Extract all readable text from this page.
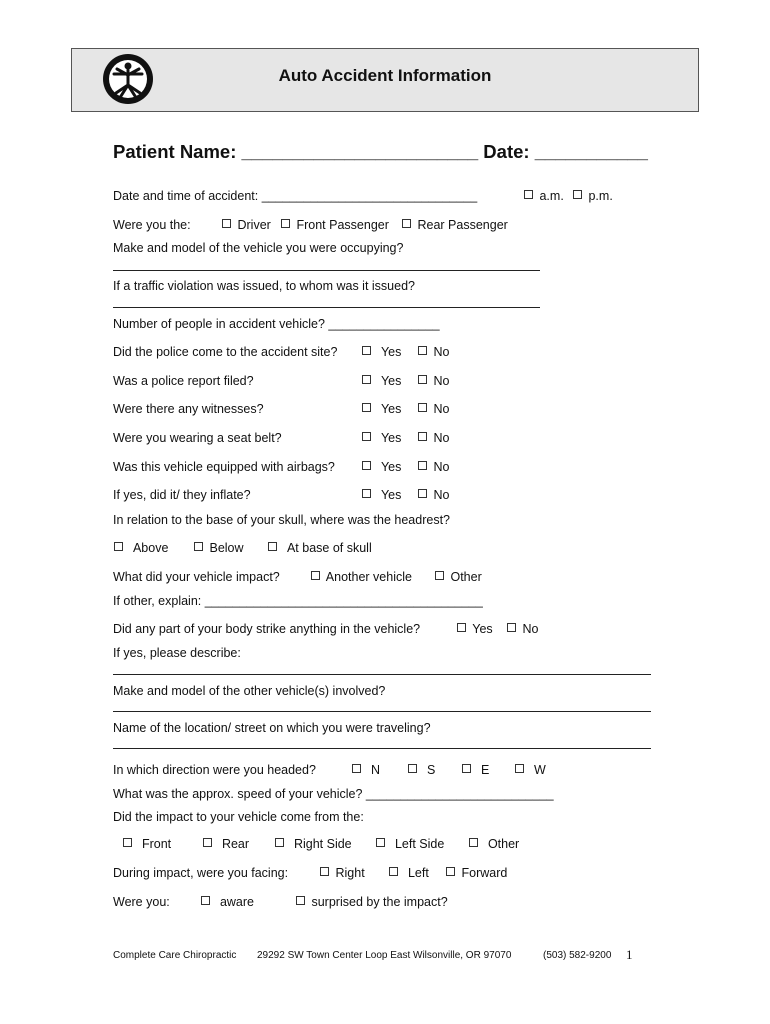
Auto Accident Information
Patient Name: _______________________ Date: ___________
Date and time of accident: _______________________________	a.m.	p.m.
Were you the:	Driver	Front Passenger	Rear Passenger
Make and model of the vehicle you were occupying?
If a traffic violation was issued, to whom was it issued?
Number of people in accident vehicle? ________________
Did the police come to the accident site?	Yes	No
Was a police report filed?	Yes	No
Were there any witnesses?	Yes	No
Were you wearing a seat belt?	Yes	No
Was this vehicle equipped with airbags?	Yes	No
If yes, did it/ they inflate?	Yes	No
In relation to the base of your skull, where was the headrest?
Above	Below	At base of skull
What did your vehicle impact?	Another vehicle	Other
If other, explain: ________________________________________
Did any part of your body strike anything in the vehicle?	Yes	No
If yes, please describe:
Make and model of the other vehicle(s) involved?
Name of the location/ street on which you were traveling?
In which direction were you headed?	N	S	E	W
What was the approx. speed of your vehicle? ___________________________
Did the impact to your vehicle come from the:
Front	Rear	Right Side	Left Side	Other
During impact, were you facing:	Right	Left	Forward
Were you:	aware	surprised by the impact?
Complete Care Chiropractic 29292 SW Town Center Loop East Wilsonville, OR 97070	(503) 582-9200 1
